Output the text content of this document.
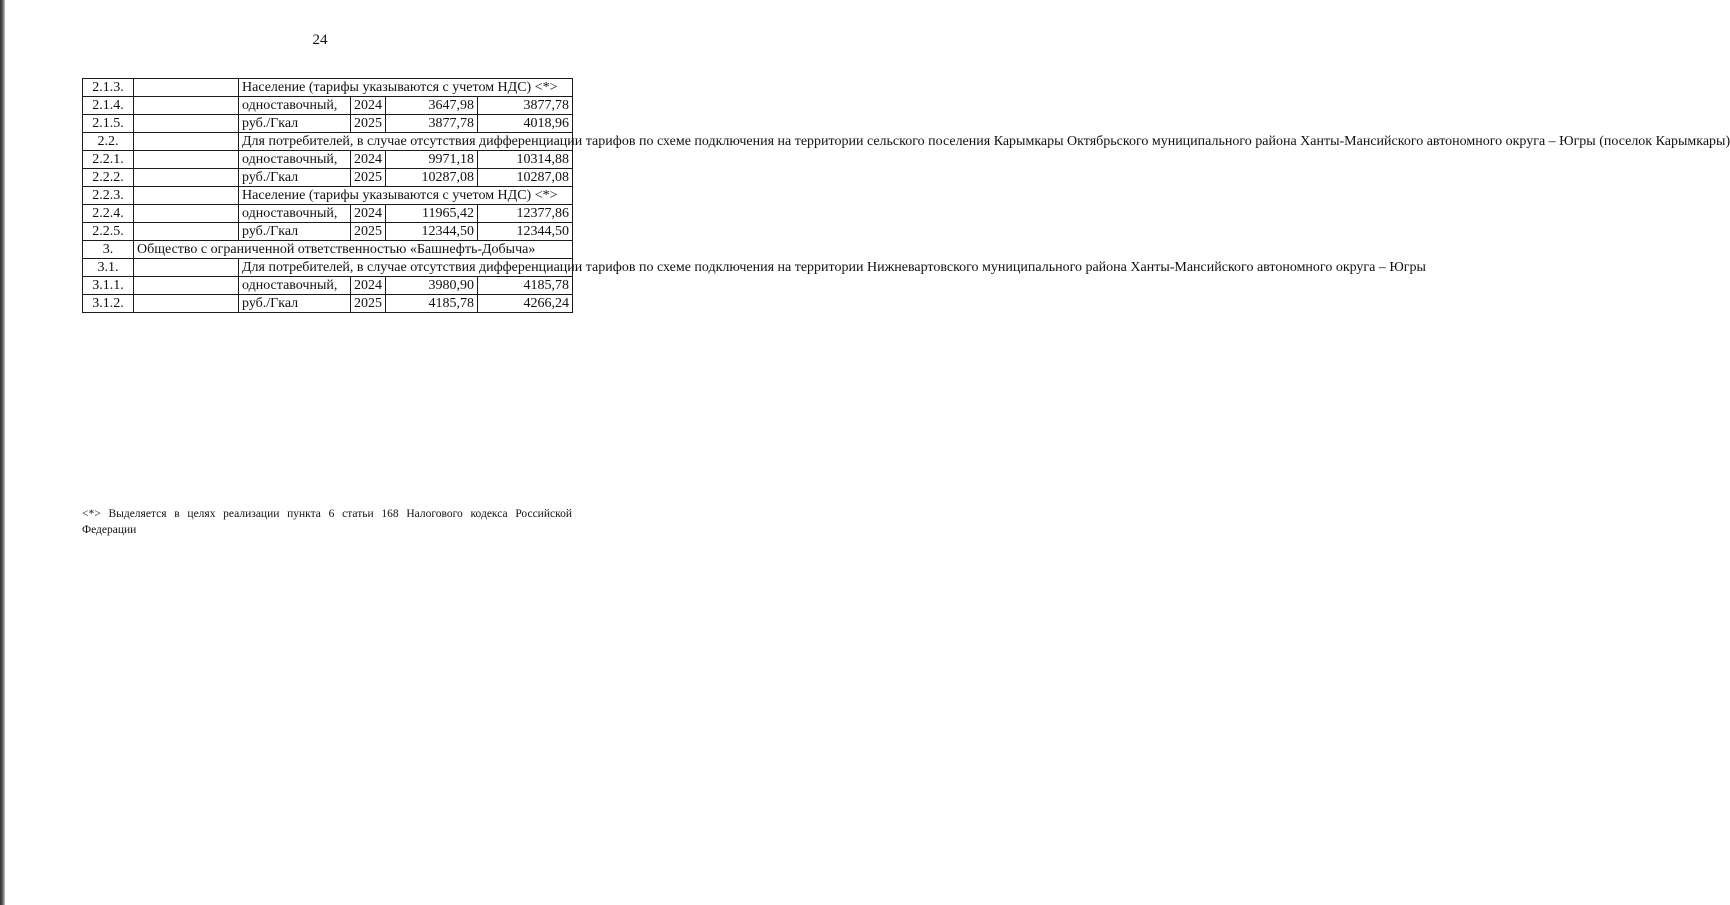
24
2.1.3.		Население (тарифы указываются с учетом НДС) <*>			
2.1.4.		одноставочный,	2024	3647,98	3877,78
2.1.5.		руб./Гкал	2025	3877,78	4018,96
2.2.		Для потребителей, в случае отсутствия дифференциации тарифов по схеме подключения на территории сельского поселения Карымкары Октябрьского муниципального района Ханты-Мансийского автономного округа – Югры (поселок Карымкары)			
2.2.1.		одноставочный,	2024	9971,18	10314,88
2.2.2.		руб./Гкал	2025	10287,08	10287,08
2.2.3.		Население (тарифы указываются с учетом НДС) <*>			
2.2.4.		одноставочный,	2024	11965,42	12377,86
2.2.5.		руб./Гкал	2025	12344,50	12344,50
3.	Общество с ограниченной ответственностью «Башнефть-Добыча»				
3.1.		Для потребителей, в случае отсутствия дифференциации тарифов по схеме подключения на территории Нижневартовского муниципального района Ханты-Мансийского автономного округа – Югры			
3.1.1.		одноставочный,	2024	3980,90	4185,78
3.1.2.		руб./Гкал	2025	4185,78	4266,24
<*> Выделяется в целях реализации пункта 6 статьи 168 Налогового кодекса Российской Федерации
